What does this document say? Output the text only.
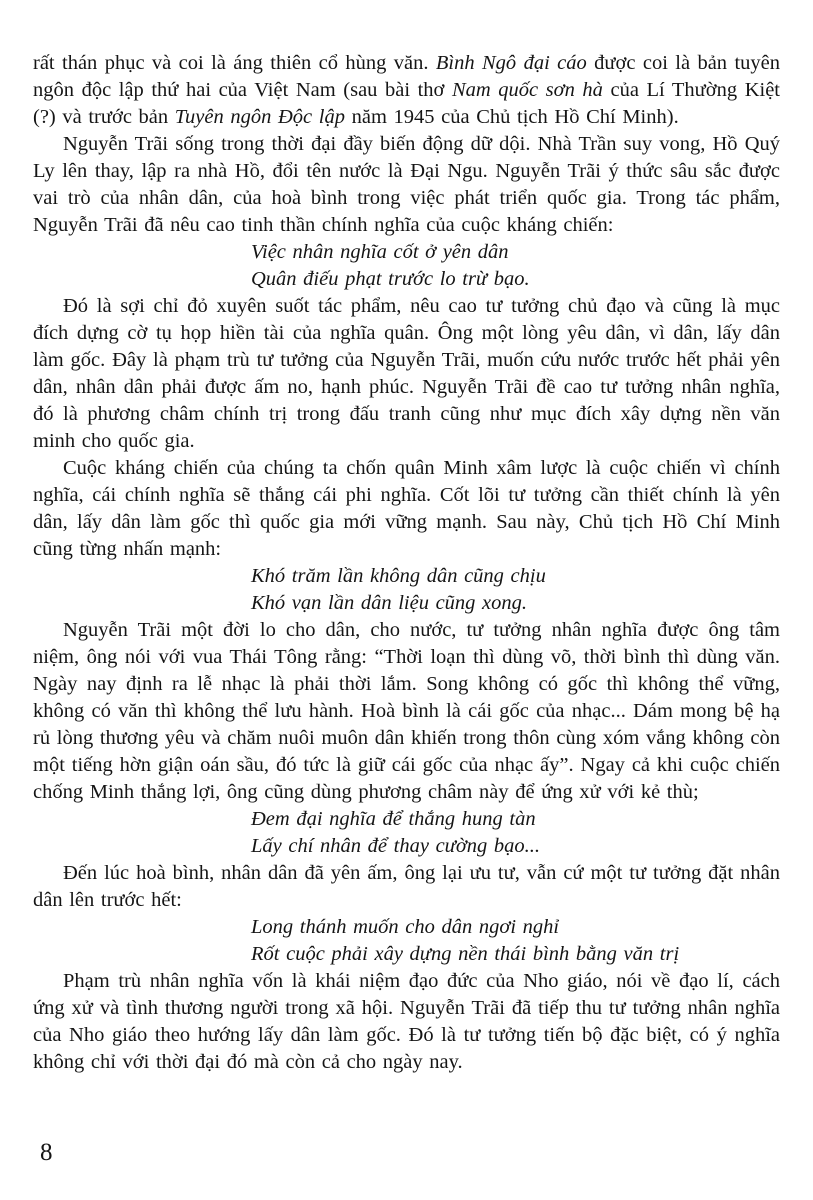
rất thán phục và coi là áng thiên cổ hùng văn. Bình Ngô đại cáo được coi là bản tuyên ngôn độc lập thứ hai của Việt Nam (sau bài thơ Nam quốc sơn hà của Lí Thường Kiệt (?) và trước bản Tuyên ngôn Độc lập năm 1945 của Chủ tịch Hồ Chí Minh).

Nguyễn Trãi sống trong thời đại đầy biến động dữ dội. Nhà Trần suy vong, Hồ Quý Ly lên thay, lập ra nhà Hồ, đổi tên nước là Đại Ngu. Nguyễn Trãi ý thức sâu sắc được vai trò của nhân dân, của hoà bình trong việc phát triển quốc gia. Trong tác phẩm, Nguyễn Trãi đã nêu cao tinh thần chính nghĩa của cuộc kháng chiến:

Việc nhân nghĩa cốt ở yên dân
Quân điếu phạt trước lo trừ bạo.

Đó là sợi chỉ đỏ xuyên suốt tác phẩm, nêu cao tư tưởng chủ đạo và cũng là mục đích dựng cờ tụ họp hiền tài của nghĩa quân. Ông một lòng yêu dân, vì dân, lấy dân làm gốc. Đây là phạm trù tư tưởng của Nguyễn Trãi, muốn cứu nước trước hết phải yên dân, nhân dân phải được ấm no, hạnh phúc. Nguyễn Trãi đề cao tư tưởng nhân nghĩa, đó là phương châm chính trị trong đấu tranh cũng như mục đích xây dựng nền văn minh cho quốc gia.

Cuộc kháng chiến của chúng ta chốn quân Minh xâm lược là cuộc chiến vì chính nghĩa, cái chính nghĩa sẽ thắng cái phi nghĩa. Cốt lõi tư tưởng cần thiết chính là yên dân, lấy dân làm gốc thì quốc gia mới vững mạnh. Sau này, Chủ tịch Hồ Chí Minh cũng từng nhấn mạnh:

Khó trăm lần không dân cũng chịu
Khó vạn lần dân liệu cũng xong.

Nguyễn Trãi một đời lo cho dân, cho nước, tư tưởng nhân nghĩa được ông tâm niệm, ông nói với vua Thái Tông rằng: “Thời loạn thì dùng võ, thời bình thì dùng văn. Ngày nay định ra lễ nhạc là phải thời lắm. Song không có gốc thì không thể vững, không có văn thì không thể lưu hành. Hoà bình là cái gốc của nhạc... Dám mong bệ hạ rủ lòng thương yêu và chăm nuôi muôn dân khiến trong thôn cùng xóm vắng không còn một tiếng hờn giận oán sầu, đó tức là giữ cái gốc của nhạc ấy”. Ngay cả khi cuộc chiến chống Minh thắng lợi, ông cũng dùng phương châm này để ứng xử với kẻ thù;

Đem đại nghĩa để thắng hung tàn
Lấy chí nhân để thay cường bạo...

Đến lúc hoà bình, nhân dân đã yên ấm, ông lại ưu tư, vẫn cứ một tư tưởng đặt nhân dân lên trước hết:

Long thánh muốn cho dân ngơi nghỉ
Rốt cuộc phải xây dựng nền thái bình bằng văn trị

Phạm trù nhân nghĩa vốn là khái niệm đạo đức của Nho giáo, nói về đạo lí, cách ứng xử và tình thương người trong xã hội. Nguyễn Trãi đã tiếp thu tư tưởng nhân nghĩa của Nho giáo theo hướng lấy dân làm gốc. Đó là tư tưởng tiến bộ đặc biệt, có ý nghĩa không chỉ với thời đại đó mà còn cả cho ngày nay.

8
